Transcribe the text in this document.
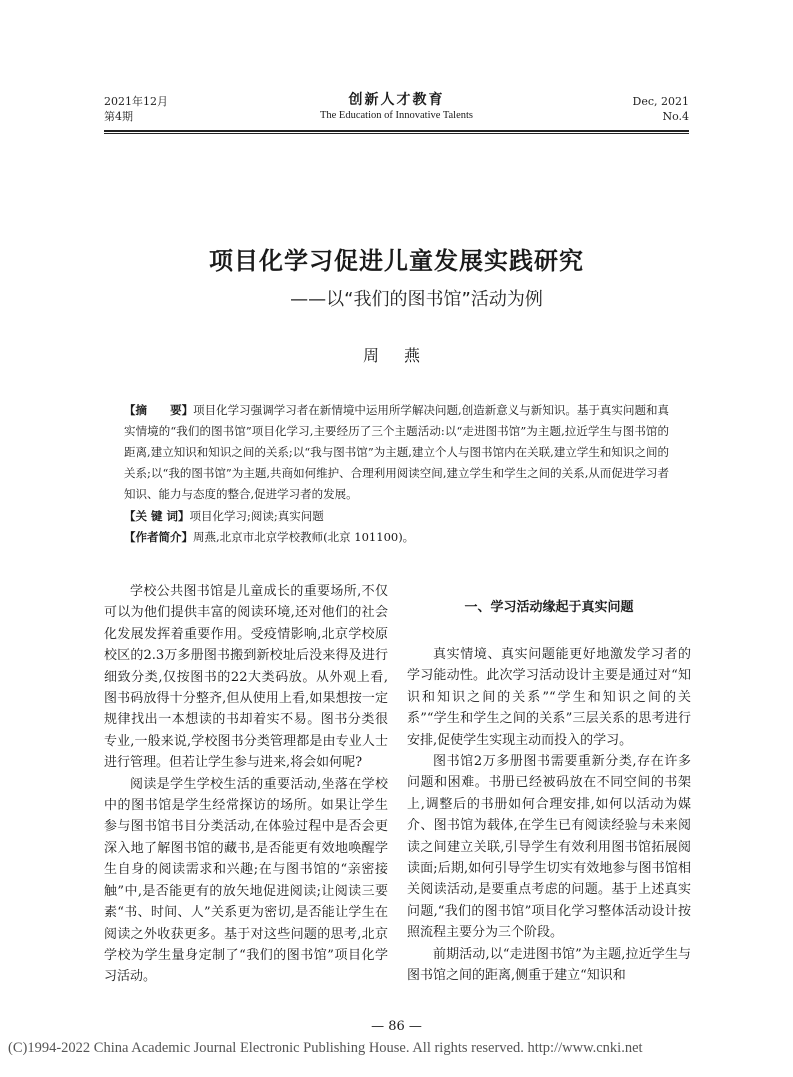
2021年12月
第4期
创新人才教育
The Education of Innovative Talents
Dec, 2021
No.4
项目化学习促进儿童发展实践研究
——以“我们的图书馆”活动为例
周 燕
【摘　　要】项目化学习强调学习者在新情境中运用所学解决问题,创造新意义与新知识。基于真实问题和真实情境的“我们的图书馆”项目化学习,主要经历了三个主题活动:以“走进图书馆”为主题,拉近学生与图书馆的距离,建立知识和知识之间的关系;以“我与图书馆”为主题,建立个人与图书馆内在关联,建立学生和知识之间的关系;以“我的图书馆”为主题,共商如何维护、合理利用阅读空间,建立学生和学生之间的关系,从而促进学习者知识、能力与态度的整合,促进学习者的发展。
【关 键 词】项目化学习;阅读;真实问题
【作者简介】周燕,北京市北京学校教师(北京 101100)。

学校公共图书馆是儿童成长的重要场所,不仅可以为他们提供丰富的阅读环境,还对他们的社会化发展发挥着重要作用。受疫情影响,北京学校原校区的2.3万多册图书搬到新校址后没来得及进行细致分类,仅按图书的22大类码放。从外观上看,图书码放得十分整齐,但从使用上看,如果想按一定规律找出一本想读的书却着实不易。图书分类很专业,一般来说,学校图书分类管理都是由专业人士进行管理。但若让学生参与进来,将会如何呢?

阅读是学生学校生活的重要活动,坐落在学校中的图书馆是学生经常探访的场所。如果让学生参与图书馆书目分类活动,在体验过程中是否会更深入地了解图书馆的藏书,是否能更有效地唤醒学生自身的阅读需求和兴趣;在与图书馆的“亲密接触”中,是否能更有的放矢地促进阅读;让阅读三要素“书、时间、人”关系更为密切,是否能让学生在阅读之外收获更多。基于对这些问题的思考,北京学校为学生量身定制了“我们的图书馆”项目化学习活动。

一、学习活动缘起于真实问题

真实情境、真实问题能更好地激发学习者的学习能动性。此次学习活动设计主要是通过对“知识和知识之间的关系”“学生和知识之间的关系”“学生和学生之间的关系”三层关系的思考进行安排,促使学生实现主动而投入的学习。

图书馆2万多册图书需要重新分类,存在许多问题和困难。书册已经被码放在不同空间的书架上,调整后的书册如何合理安排,如何以活动为媒介、图书馆为载体,在学生已有阅读经验与未来阅读之间建立关联,引导学生有效利用图书馆拓展阅读面;后期,如何引导学生切实有效地参与图书馆相关阅读活动,是要重点考虑的问题。基于上述真实问题,“我们的图书馆”项目化学习整体活动设计按照流程主要分为三个阶段。

前期活动,以“走进图书馆”为主题,拉近学生与图书馆之间的距离,侧重于建立“知识和

— 86 —
(C)1994-2022 China Academic Journal Electronic Publishing House. All rights reserved. http://www.cnki.net
